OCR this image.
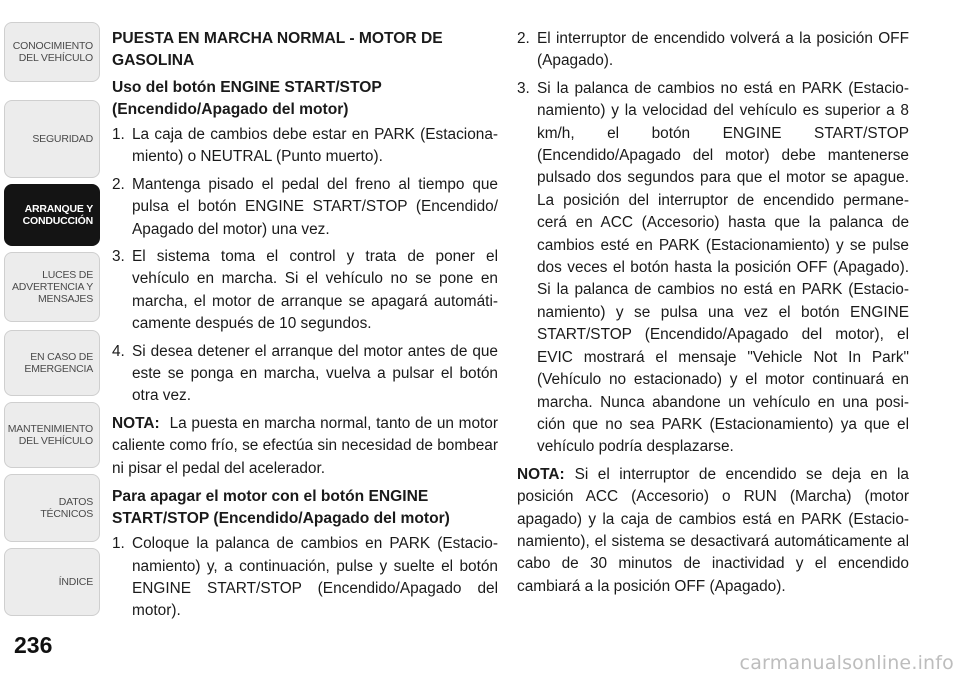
CONOCIMIENTO
DEL VEHÍCULO
SEGURIDAD
ARRANQUE Y
CONDUCCIÓN
LUCES DE
ADVERTENCIA Y
MENSAJES
EN CASO DE
EMERGENCIA
MANTENIMIENTO
DEL VEHÍCULO
DATOS
TÉCNICOS
ÍNDICE
236
PUESTA EN MARCHA NORMAL - MOTOR DE GASOLINA
Uso del botón ENGINE START/STOP (Encendido/Apagado del motor)
1. La caja de cambios debe estar en PARK (Estaciona-miento) o NEUTRAL (Punto muerto).
2. Mantenga pisado el pedal del freno al tiempo que pulsa el botón ENGINE START/STOP (Encendido/ Apagado del motor) una vez.
3. El sistema toma el control y trata de poner el vehículo en marcha. Si el vehículo no se pone en marcha, el motor de arranque se apagará automáti-camente después de 10 segundos.
4. Si desea detener el arranque del motor antes de que este se ponga en marcha, vuelva a pulsar el botón otra vez.
NOTA: La puesta en marcha normal, tanto de un motor caliente como frío, se efectúa sin necesidad de bombear ni pisar el pedal del acelerador.
Para apagar el motor con el botón ENGINE START/STOP (Encendido/Apagado del motor)
1. Coloque la palanca de cambios en PARK (Estacio-namiento) y, a continuación, pulse y suelte el botón ENGINE START/STOP (Encendido/Apagado del motor).
2. El interruptor de encendido volverá a la posición OFF (Apagado).
3. Si la palanca de cambios no está en PARK (Estacio-namiento) y la velocidad del vehículo es superior a 8 km/h, el botón ENGINE START/STOP (Encendido/Apagado del motor) debe mantenerse pulsado dos segundos para que el motor se apague. La posición del interruptor de encendido permane-cerá en ACC (Accesorio) hasta que la palanca de cambios esté en PARK (Estacionamiento) y se pulse dos veces el botón hasta la posición OFF (Apagado). Si la palanca de cambios no está en PARK (Estacio-namiento) y se pulsa una vez el botón ENGINE START/STOP (Encendido/Apagado del motor), el EVIC mostrará el mensaje "Vehicle Not In Park" (Vehículo no estacionado) y el motor continuará en marcha. Nunca abandone un vehículo en una posi-ción que no sea PARK (Estacionamiento) ya que el vehículo podría desplazarse.
NOTA: Si el interruptor de encendido se deja en la posición ACC (Accesorio) o RUN (Marcha) (motor apagado) y la caja de cambios está en PARK (Estacio-namiento), el sistema se desactivará automáticamente al cabo de 30 minutos de inactividad y el encendido cambiará a la posición OFF (Apagado).
carmanualsonline.info
